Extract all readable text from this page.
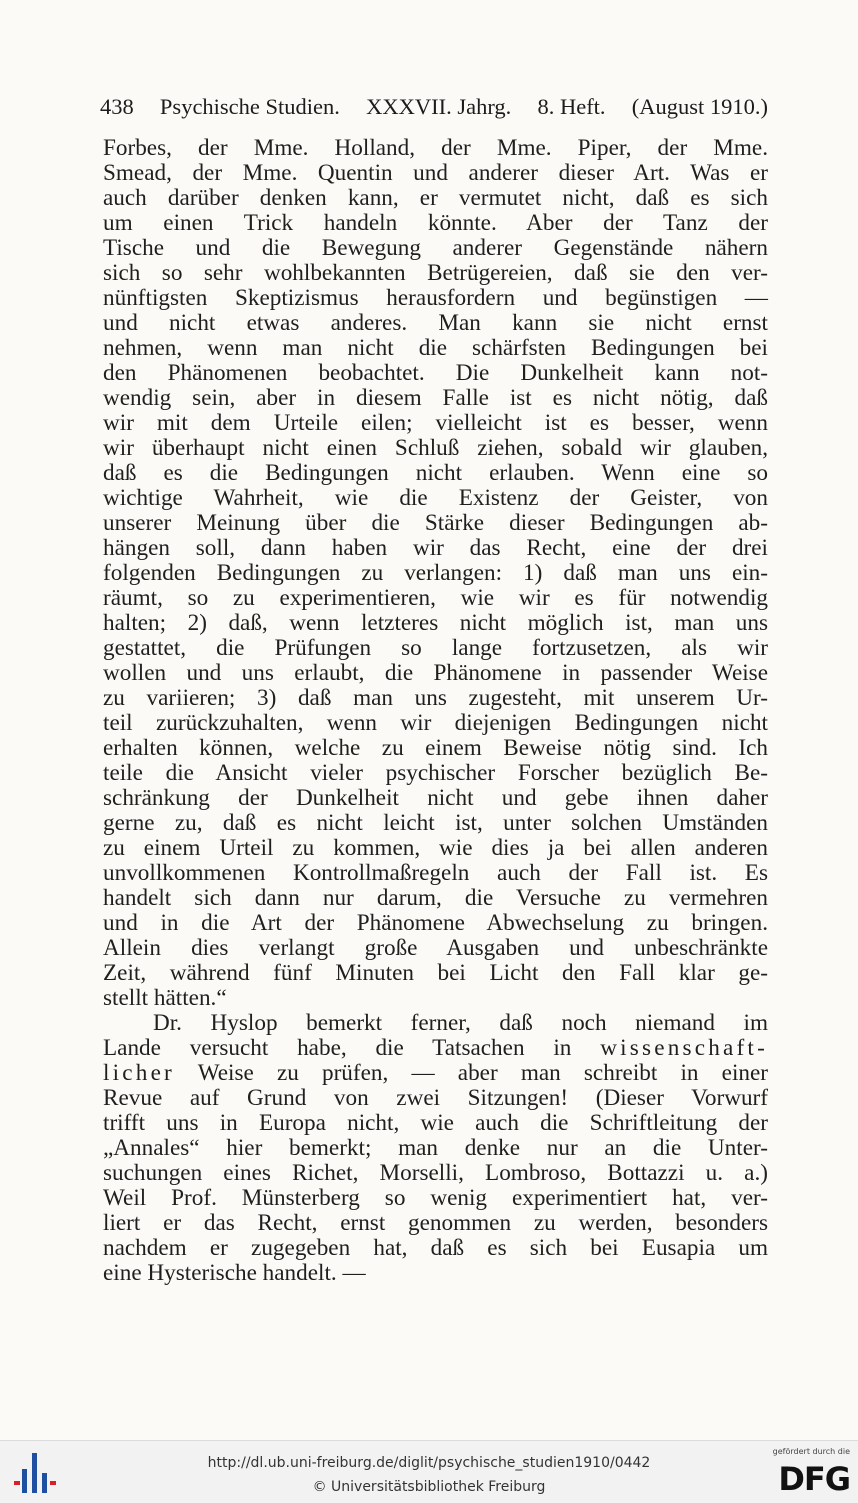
438 Psychische Studien. XXXVII. Jahrg. 8. Heft. (August 1910.)
Forbes, der Mme. Holland, der Mme. Piper, der Mme.
Smead, der Mme. Quentin und anderer dieser Art. Was er
auch darüber denken kann, er vermutet nicht, daß es sich
um einen Trick handeln könnte. Aber der Tanz der
Tische und die Bewegung anderer Gegenstände nähern
sich so sehr wohlbekannten Betrügereien, daß sie den ver-
nünftigsten Skeptizismus herausfordern und begünstigen —
und nicht etwas anderes. Man kann sie nicht ernst
nehmen, wenn man nicht die schärfsten Bedingungen bei
den Phänomenen beobachtet. Die Dunkelheit kann not-
wendig sein, aber in diesem Falle ist es nicht nötig, daß
wir mit dem Urteile eilen; vielleicht ist es besser, wenn
wir überhaupt nicht einen Schluß ziehen, sobald wir glauben,
daß es die Bedingungen nicht erlauben. Wenn eine so
wichtige Wahrheit, wie die Existenz der Geister, von
unserer Meinung über die Stärke dieser Bedingungen ab-
hängen soll, dann haben wir das Recht, eine der drei
folgenden Bedingungen zu verlangen: 1) daß man uns ein-
räumt, so zu experimentieren, wie wir es für notwendig
halten; 2) daß, wenn letzteres nicht möglich ist, man uns
gestattet, die Prüfungen so lange fortzusetzen, als wir
wollen und uns erlaubt, die Phänomene in passender Weise
zu variieren; 3) daß man uns zugesteht, mit unserem Ur-
teil zurückzuhalten, wenn wir diejenigen Bedingungen nicht
erhalten können, welche zu einem Beweise nötig sind. Ich
teile die Ansicht vieler psychischer Forscher bezüglich Be-
schränkung der Dunkelheit nicht und gebe ihnen daher
gerne zu, daß es nicht leicht ist, unter solchen Umständen
zu einem Urteil zu kommen, wie dies ja bei allen anderen
unvollkommenen Kontrollmaßregeln auch der Fall ist. Es
handelt sich dann nur darum, die Versuche zu vermehren
und in die Art der Phänomene Abwechselung zu bringen.
Allein dies verlangt große Ausgaben und unbeschränkte
Zeit, während fünf Minuten bei Licht den Fall klar ge-
stellt hätten.“
Dr. Hyslop bemerkt ferner, daß noch niemand im
Lande versucht habe, die Tatsachen in wissenschaft-
licher Weise zu prüfen, — aber man schreibt in einer
Revue auf Grund von zwei Sitzungen! (Dieser Vorwurf
trifft uns in Europa nicht, wie auch die Schriftleitung der
„Annales“ hier bemerkt; man denke nur an die Unter-
suchungen eines Richet, Morselli, Lombroso, Bottazzi u. a.)
Weil Prof. Münsterberg so wenig experimentiert hat, ver-
liert er das Recht, ernst genommen zu werden, besonders
nachdem er zugegeben hat, daß es sich bei Eusapia um
eine Hysterische handelt. —
http://dl.ub.uni-freiburg.de/diglit/psychische_studien1910/0442
© Universitätsbibliothek Freiburg
gefördert durch die
DFG
